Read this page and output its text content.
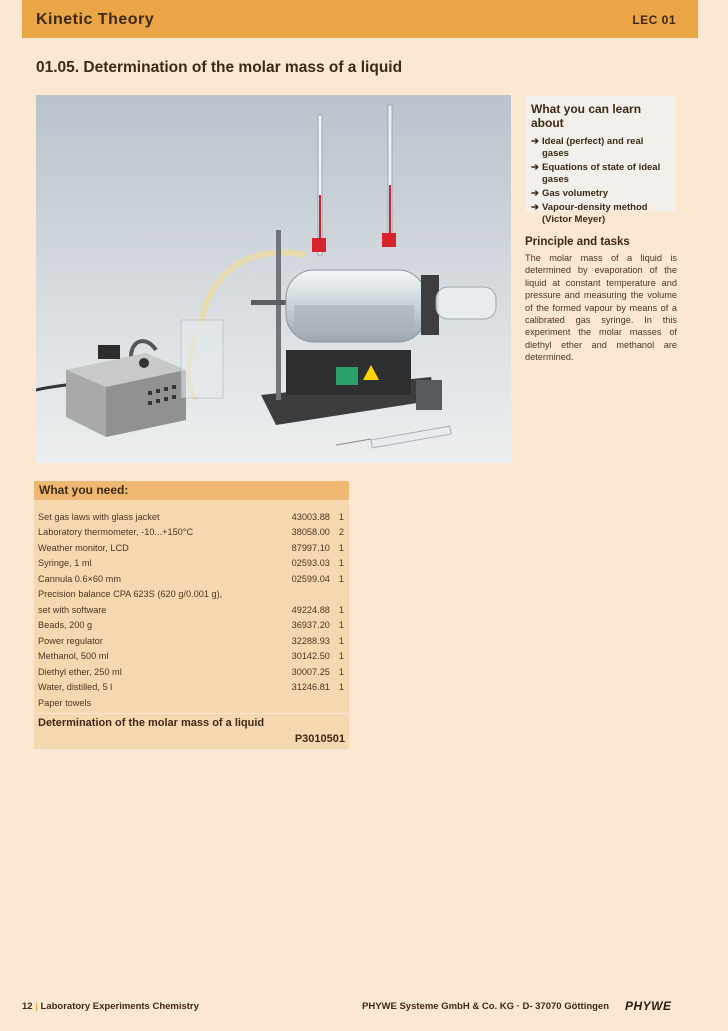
Kinetic Theory	LEC 01
01.05. Determination of the molar mass of a liquid
What you can learn about
➔ Ideal (perfect) and real gases
➔ Equations of state of ideal gases
➔ Gas volumetry
➔ Vapour-density method (Victor Meyer)
Principle and tasks

The molar mass of a liquid is determined by evaporation of the liquid at constant temperature and pressure and measuring the volume of the formed vapour by means of a calibrated gas syringe. In this experiment the molar masses of diethyl ether and methanol are determined.

What you need:
Set gas laws with glass jacket	43003.88	1
Laboratory thermometer, -10...+150°C	38058.00	2
Weather monitor, LCD	87997.10	1
Syringe, 1 ml	02593.03	1
Cannula 0.6×60 mm	02599.04	1
Precision balance CPA 623S (620 g/0.001 g),		
set with software	49224.88	1
Beads, 200 g	36937.20	1
Power regulator	32288.93	1
Methanol, 500 ml	30142.50	1
Diethyl ether, 250 ml	30007.25	1
Water, distilled, 5 l	31246.81	1
Paper towels		
Determination of the molar mass of a liquid
P3010501
12 | Laboratory Experiments Chemistry	PHYWE Systeme GmbH & Co. KG · D- 37070 Göttingen PHYWE
